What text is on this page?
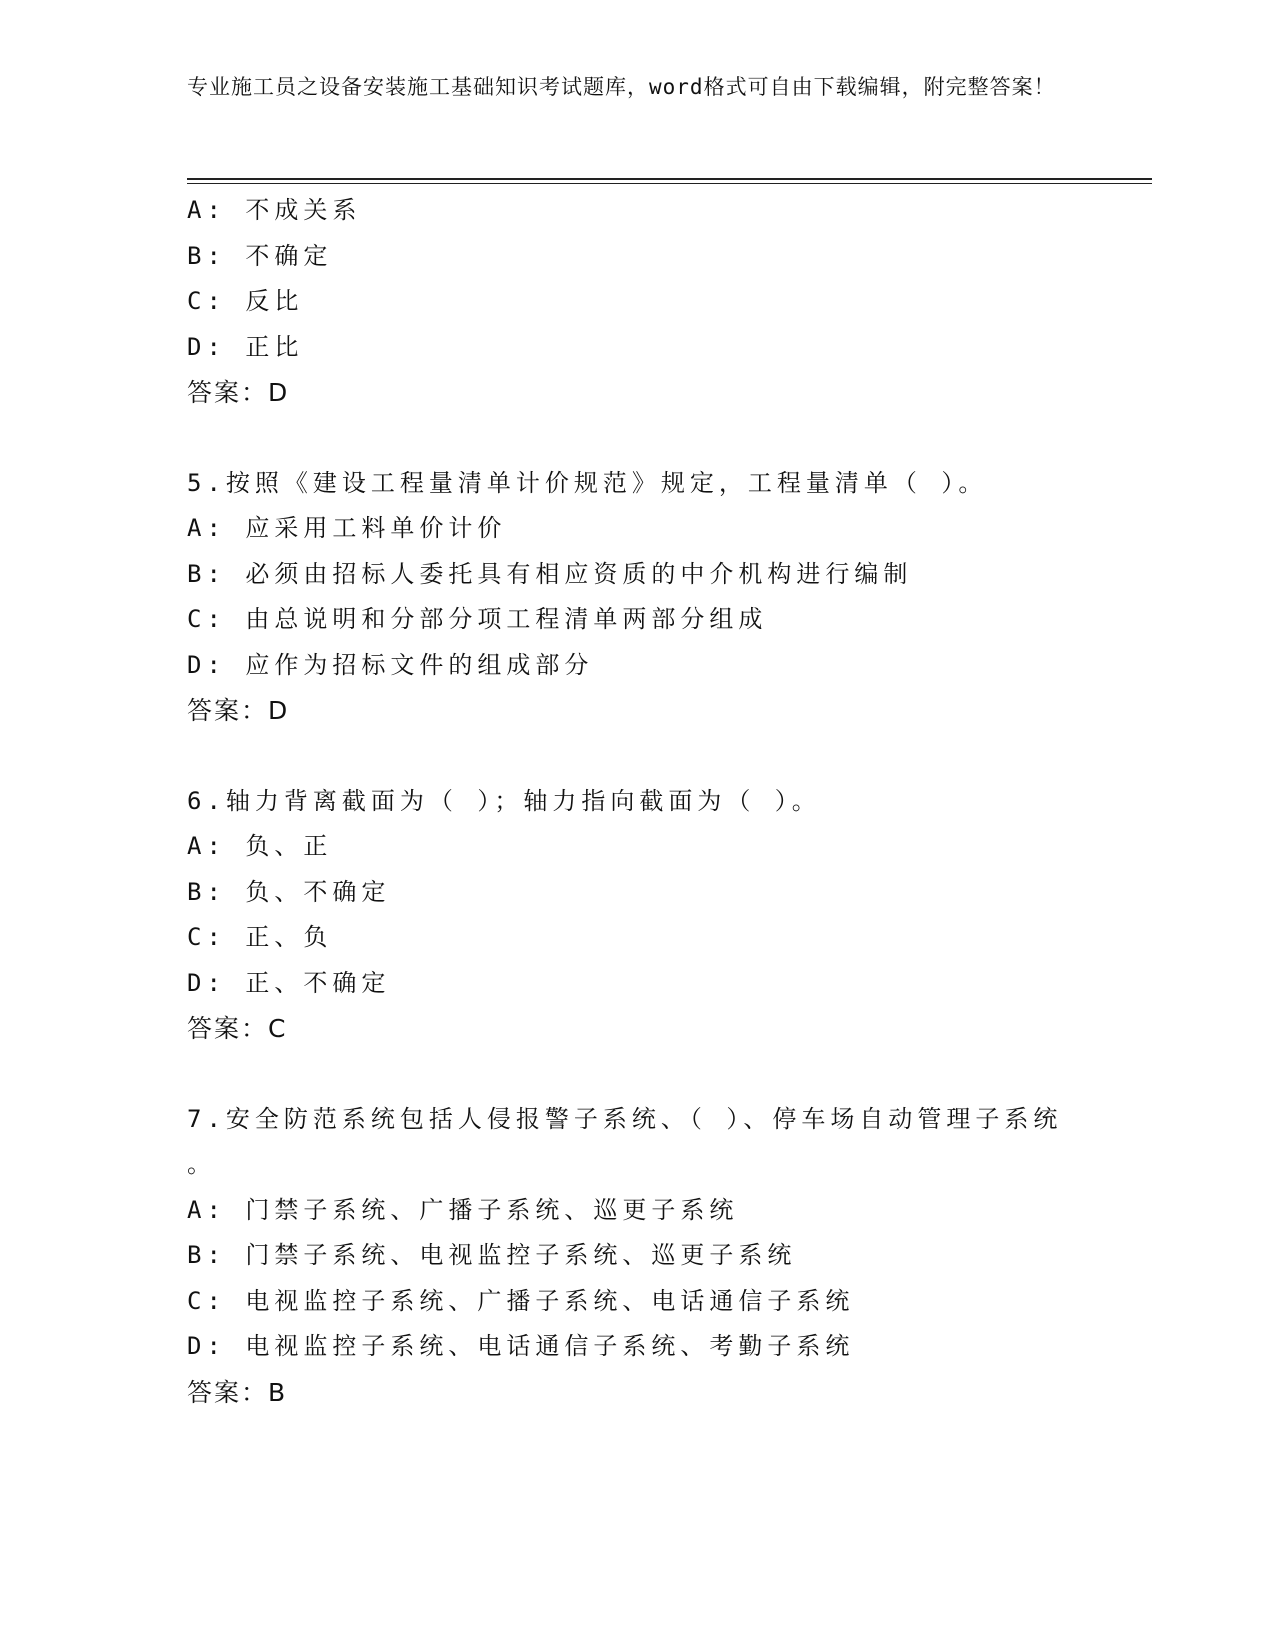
专业施工员之设备安装施工基础知识考试题库，word格式可自由下载编辑，附完整答案！
A: 不成关系
B: 不确定
C: 反比
D: 正比
答案：D
5.按照《建设工程量清单计价规范》规定，工程量清单（ ）。
A: 应采用工料单价计价
B: 必须由招标人委托具有相应资质的中介机构进行编制
C: 由总说明和分部分项工程清单两部分组成
D: 应作为招标文件的组成部分
答案：D
6.轴力背离截面为（ ）；轴力指向截面为（ ）。
A: 负、正
B: 负、不确定
C: 正、负
D: 正、不确定
答案：C
7.安全防范系统包括人侵报警子系统、（ ）、停车场自动管理子系统
。
A: 门禁子系统、广播子系统、巡更子系统
B: 门禁子系统、电视监控子系统、巡更子系统
C: 电视监控子系统、广播子系统、电话通信子系统
D: 电视监控子系统、电话通信子系统、考勤子系统
答案：B
